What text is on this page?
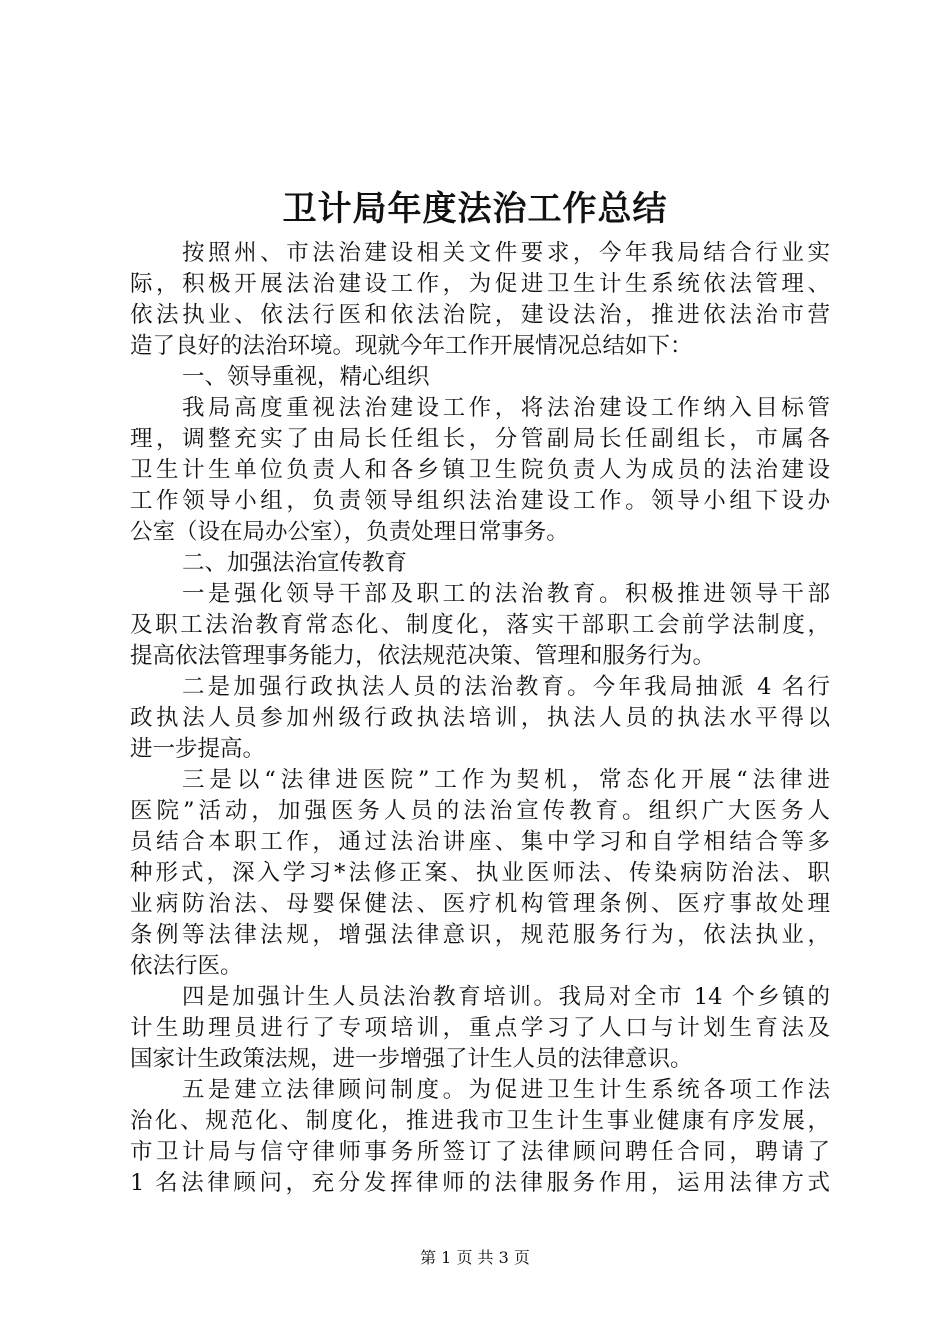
卫计局年度法治工作总结
按照州、市法治建设相关文件要求，今年我局结合行业实
际，积极开展法治建设工作，为促进卫生计生系统依法管理、
依法执业、依法行医和依法治院，建设法治，推进依法治市营
造了良好的法治环境。现就今年工作开展情况总结如下：
一、领导重视，精心组织
我局高度重视法治建设工作，将法治建设工作纳入目标管
理，调整充实了由局长任组长，分管副局长任副组长，市属各
卫生计生单位负责人和各乡镇卫生院负责人为成员的法治建设
工作领导小组，负责领导组织法治建设工作。领导小组下设办
公室（设在局办公室），负责处理日常事务。
二、加强法治宣传教育
一是强化领导干部及职工的法治教育。积极推进领导干部
及职工法治教育常态化、制度化，落实干部职工会前学法制度，
提高依法管理事务能力，依法规范决策、管理和服务行为。
二是加强行政执法人员的法治教育。今年我局抽派 4 名行
政执法人员参加州级行政执法培训，执法人员的执法水平得以
进一步提高。
三是以“法律进医院”工作为契机，常态化开展“法律进
医院”活动，加强医务人员的法治宣传教育。组织广大医务人
员结合本职工作，通过法治讲座、集中学习和自学相结合等多
种形式，深入学习*法修正案、执业医师法、传染病防治法、职
业病防治法、母婴保健法、医疗机构管理条例、医疗事故处理
条例等法律法规，增强法律意识，规范服务行为，依法执业，
依法行医。
四是加强计生人员法治教育培训。我局对全市 14 个乡镇的
计生助理员进行了专项培训，重点学习了人口与计划生育法及
国家计生政策法规，进一步增强了计生人员的法律意识。
五是建立法律顾问制度。为促进卫生计生系统各项工作法
治化、规范化、制度化，推进我市卫生计生事业健康有序发展，
市卫计局与信守律师事务所签订了法律顾问聘任合同，聘请了
1 名法律顾问，充分发挥律师的法律服务作用，运用法律方式
第 1 页 共 3 页
